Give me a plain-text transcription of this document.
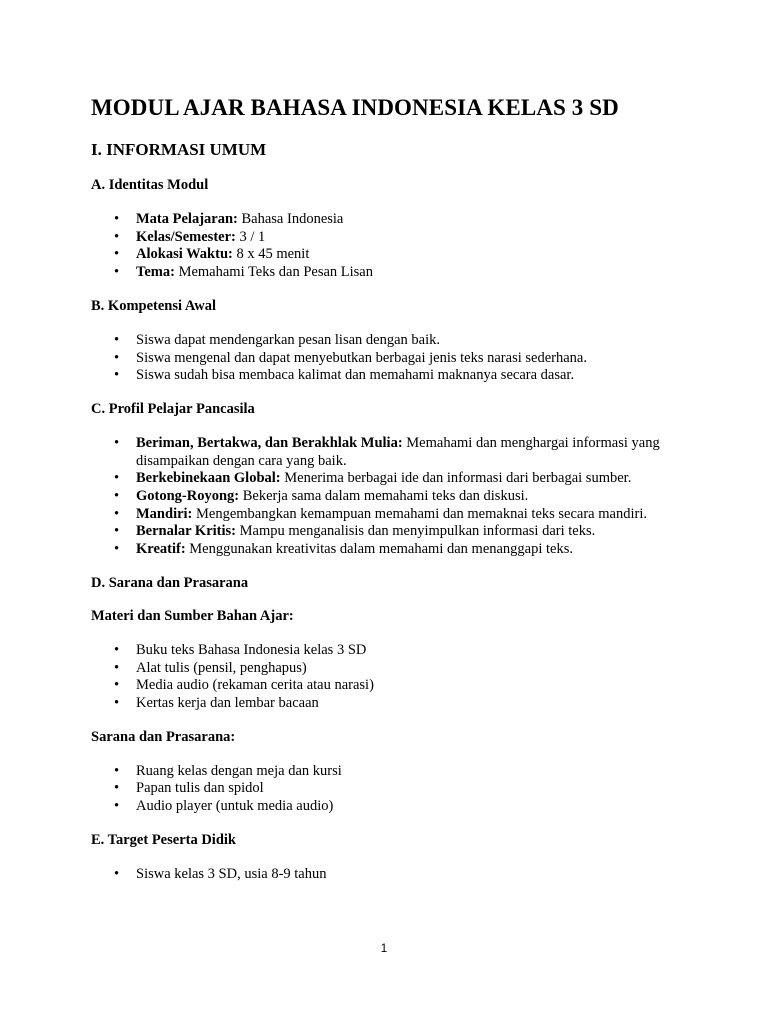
MODUL AJAR BAHASA INDONESIA KELAS 3 SD
I. INFORMASI UMUM
A. Identitas Modul
• Mata Pelajaran: Bahasa Indonesia
• Kelas/Semester: 3 / 1
• Alokasi Waktu: 8 x 45 menit
• Tema: Memahami Teks dan Pesan Lisan
B. Kompetensi Awal
• Siswa dapat mendengarkan pesan lisan dengan baik.
• Siswa mengenal dan dapat menyebutkan berbagai jenis teks narasi sederhana.
• Siswa sudah bisa membaca kalimat dan memahami maknanya secara dasar.
C. Profil Pelajar Pancasila
• Beriman, Bertakwa, dan Berakhlak Mulia: Memahami dan menghargai informasi yang disampaikan dengan cara yang baik.
• Berkebinekaan Global: Menerima berbagai ide dan informasi dari berbagai sumber.
• Gotong-Royong: Bekerja sama dalam memahami teks dan diskusi.
• Mandiri: Mengembangkan kemampuan memahami dan memaknai teks secara mandiri.
• Bernalar Kritis: Mampu menganalisis dan menyimpulkan informasi dari teks.
• Kreatif: Menggunakan kreativitas dalam memahami dan menanggapi teks.
D. Sarana dan Prasarana
Materi dan Sumber Bahan Ajar:
• Buku teks Bahasa Indonesia kelas 3 SD
• Alat tulis (pensil, penghapus)
• Media audio (rekaman cerita atau narasi)
• Kertas kerja dan lembar bacaan
Sarana dan Prasarana:
• Ruang kelas dengan meja dan kursi
• Papan tulis dan spidol
• Audio player (untuk media audio)
E. Target Peserta Didik
• Siswa kelas 3 SD, usia 8-9 tahun
1
